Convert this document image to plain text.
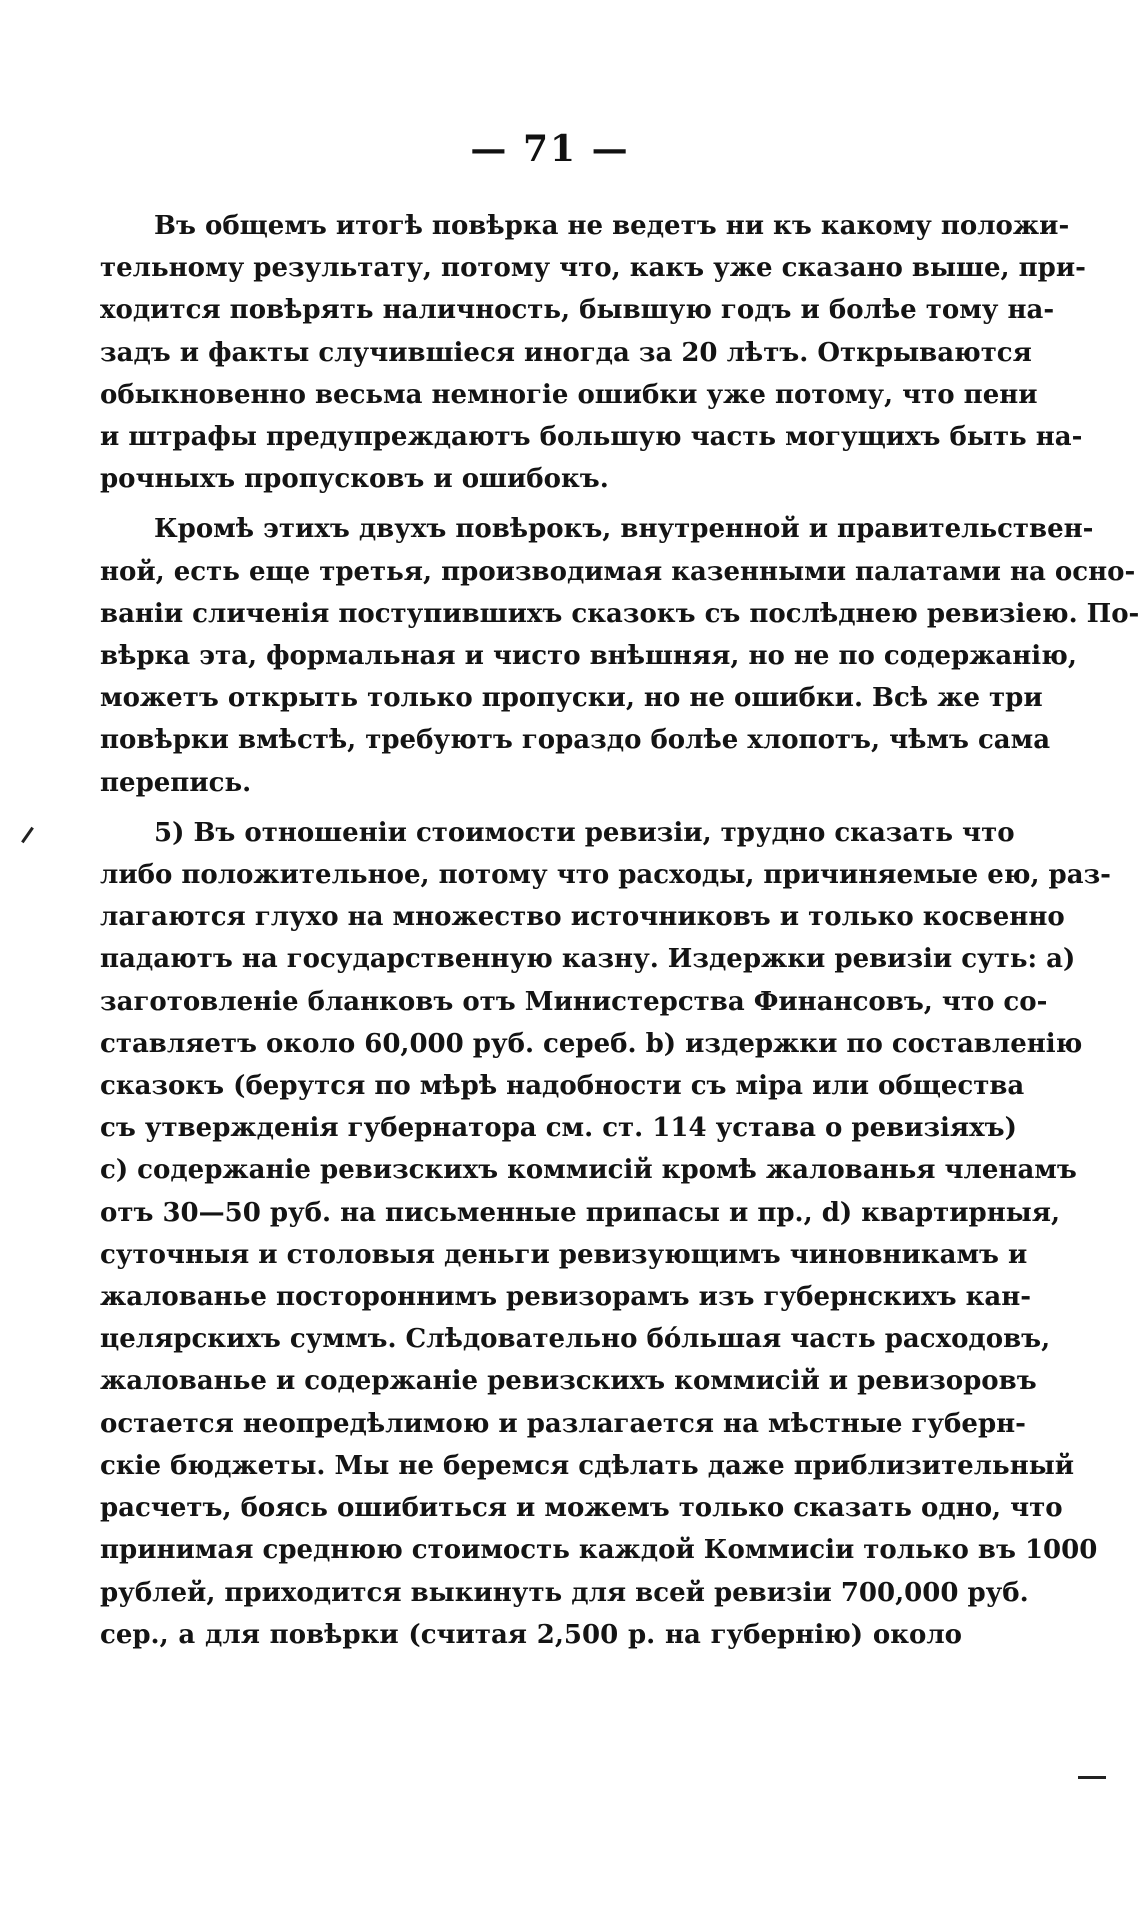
— 71 —
Въ общемъ итогѣ повѣрка не ведетъ ни къ какому положи-
тельному результату, потому что, какъ уже сказано выше, при-
ходится повѣрять наличность, бывшую годъ и болѣе тому на-
задъ и факты случившіеся иногда за 20 лѣтъ. Открываются
обыкновенно весьма немногіе ошибки уже потому, что пени
и штрафы предупреждаютъ большую часть могущихъ быть на-
рочныхъ пропусковъ и ошибокъ.
Кромѣ этихъ двухъ повѣрокъ, внутренной и правительствен-
ной, есть еще третья, производимая казенными палатами на осно-
ваніи сличенія поступившихъ сказокъ съ послѣднею ревизіею. По-
вѣрка эта, формальная и чисто внѣшняя, но не по содержанію,
можетъ открыть только пропуски, но не ошибки. Всѣ же три
повѣрки вмѣстѣ, требуютъ гораздо болѣе хлопотъ, чѣмъ сама
перепись.
5) Въ отношеніи стоимости ревизіи, трудно сказать что
либо положительное, потому что расходы, причиняемые ею, раз-
лагаются глухо на множество источниковъ и только косвенно
падаютъ на государственную казну. Издержки ревизіи суть: а)
заготовленіе бланковъ отъ Министерства Финансовъ, что со-
ставляетъ около 60,000 руб. сереб. b) издержки по составленію
сказокъ (берутся по мѣрѣ надобности съ міра или общества
съ утвержденія губернатора см. ст. 114 устава о ревизіяхъ)
c) содержаніе ревизскихъ коммисій кромѣ жалованья членамъ
отъ 30—50 руб. на письменные припасы и пр., d) квартирныя,
суточныя и столовыя деньги ревизующимъ чиновникамъ и
жалованье постороннимъ ревизорамъ изъ губернскихъ кан-
целярскихъ суммъ. Слѣдовательно бóльшая часть расходовъ,
жалованье и содержаніе ревизскихъ коммисій и ревизоровъ
остается неопредѣлимою и разлагается на мѣстные губерн-
скіе бюджеты. Мы не беремся сдѣлать даже приблизительный
расчетъ, боясь ошибиться и можемъ только сказать одно, что
принимая среднюю стоимость каждой Коммисіи только въ 1000
рублей, приходится выкинуть для всей ревизіи 700,000 руб.
сер., а для повѣрки (считая 2,500 р. на губернію) около
